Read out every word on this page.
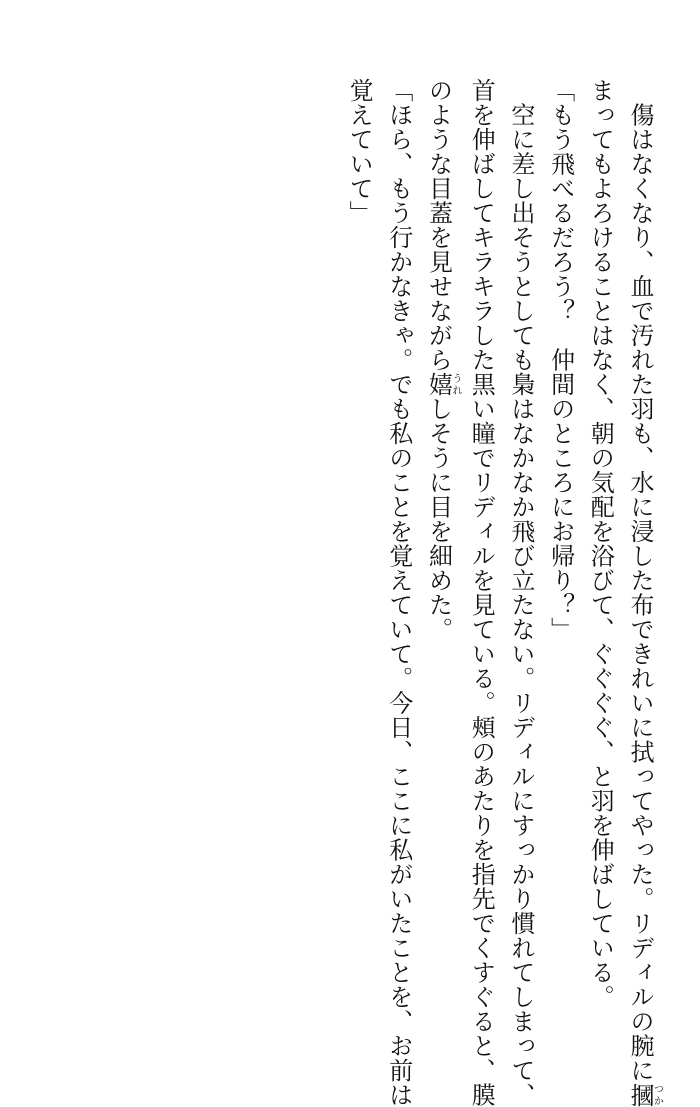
　傷はなくなり、血で汚れた羽も、水に浸した布できれいに拭ってやった。リディルの腕に摑つか
まってもよろけることはなく、朝の気配を浴びて、ぐぐぐぐ、と羽を伸ばしている。
「もう飛べるだろう？　仲間のところにお帰り？」
　空に差し出そうとしても梟はなかなか飛び立たない。リディルにすっかり慣れてしまって、
首を伸ばしてキラキラした黒い瞳でリディルを見ている。頰のあたりを指先でくすぐると、膜
のような目蓋を見せながら嬉うれしそうに目を細めた。
「ほら、もう行かなきゃ。でも私のことを覚えていて。今日、ここに私がいたことを、お前は
覚えていて」
